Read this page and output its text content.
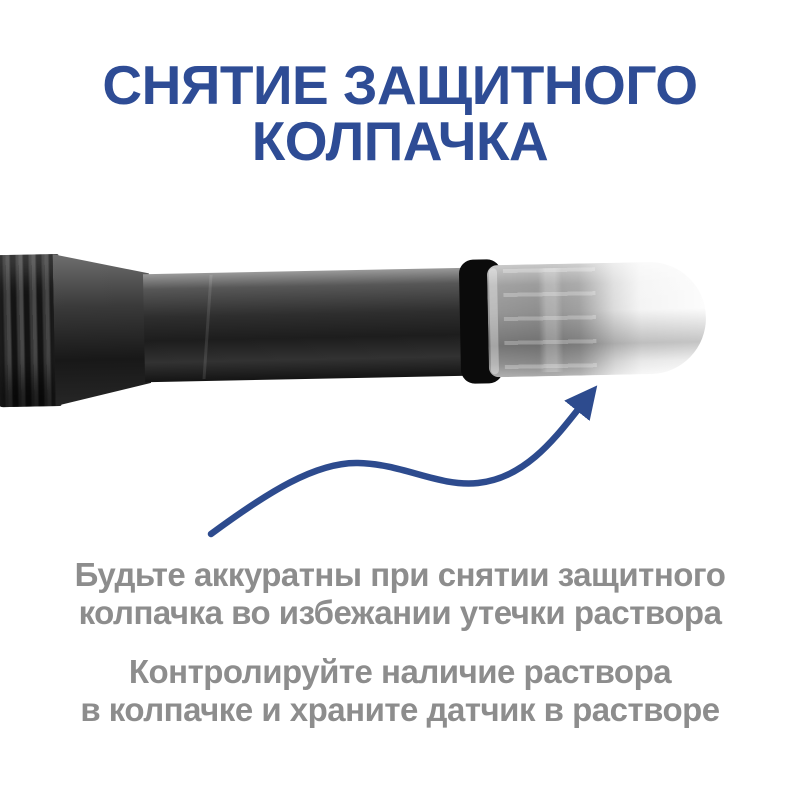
СНЯТИЕ ЗАЩИТНОГО
КОЛПАЧКА
Будьте аккуратны при снятии защитного
колпачка во избежании утечки раствора
Контролируйте наличие раствора
в колпачке и храните датчик в растворе
